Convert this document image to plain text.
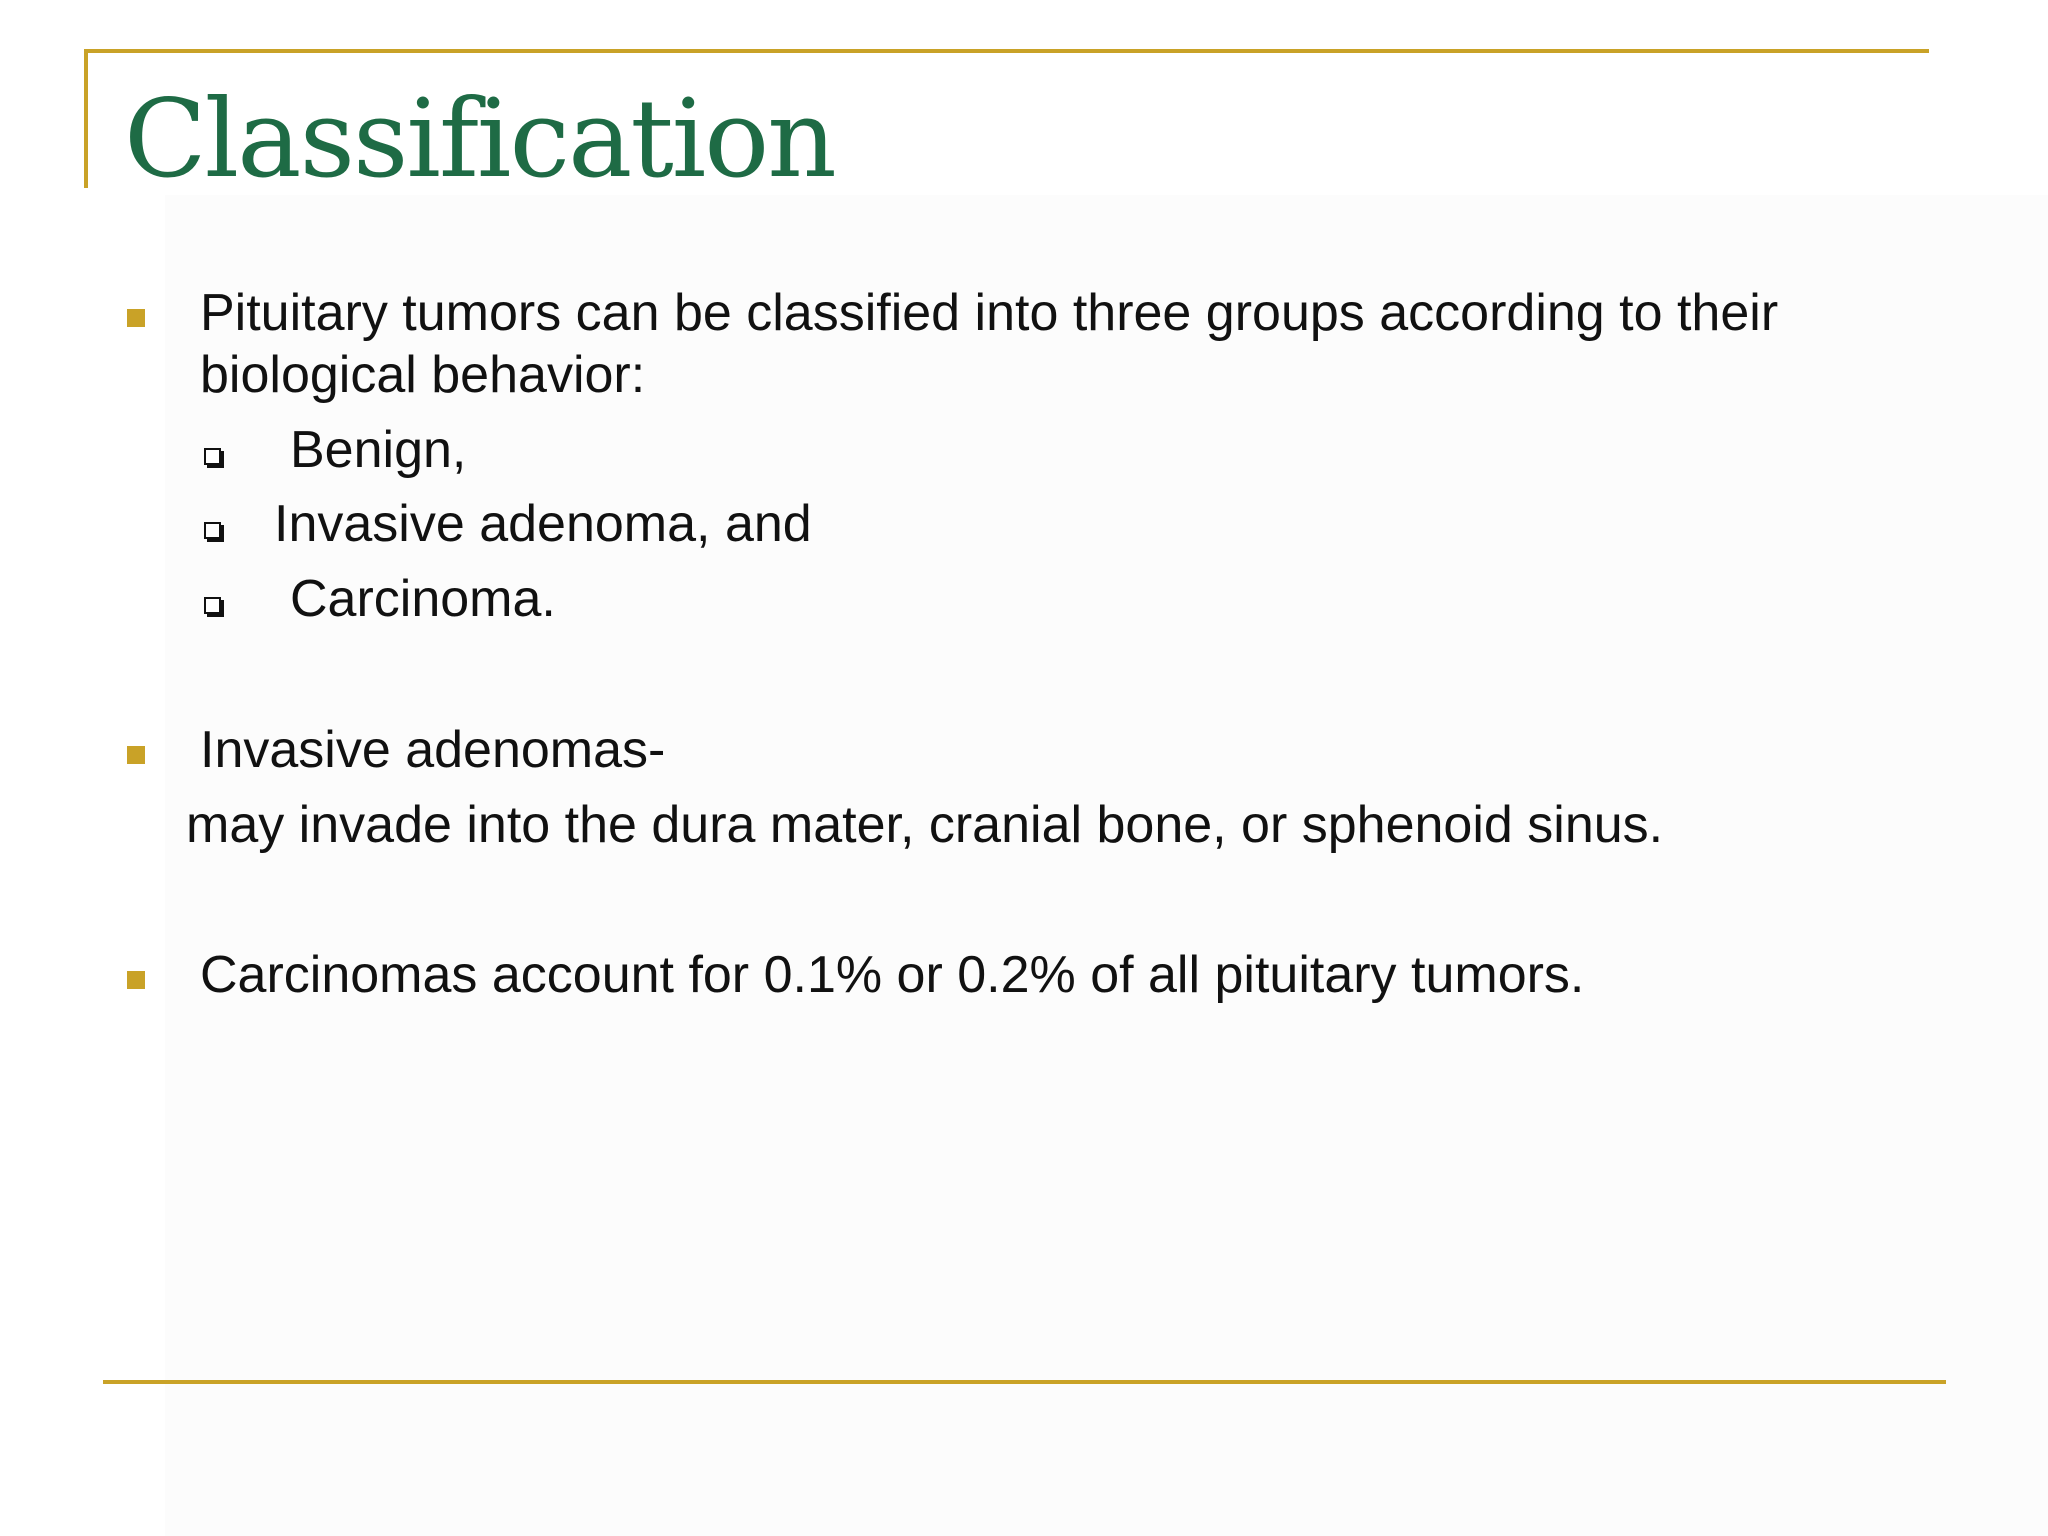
Classification
Pituitary tumors can be classified into three groups according to their
biological behavior:
Benign,
Invasive adenoma, and
Carcinoma.
Invasive adenomas-
may invade into the dura mater, cranial bone, or sphenoid sinus.
Carcinomas account for 0.1% or 0.2% of all pituitary tumors.
